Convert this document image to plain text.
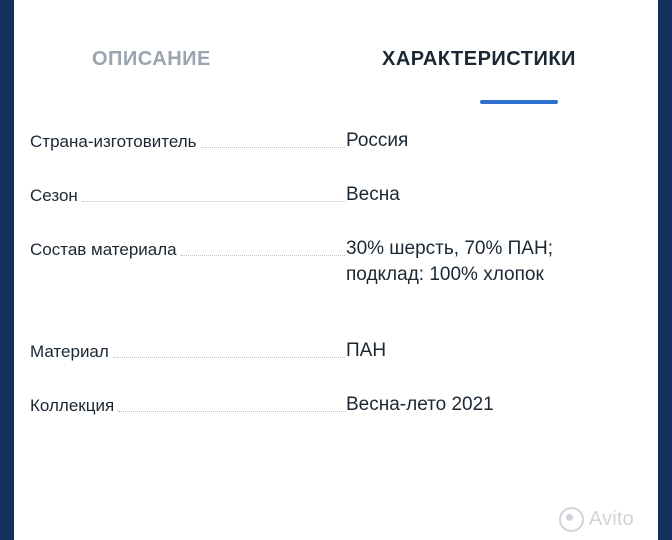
ОПИСАНИЕ	ХАРАКТЕРИСТИКИ
Страна-изготовитель	Россия
Сезон	Весна
Состав материала	30% шерсть, 70% ПАН; подклад: 100% хлопок
Материал	ПАН
Коллекция	Весна-лето 2021
Avito
